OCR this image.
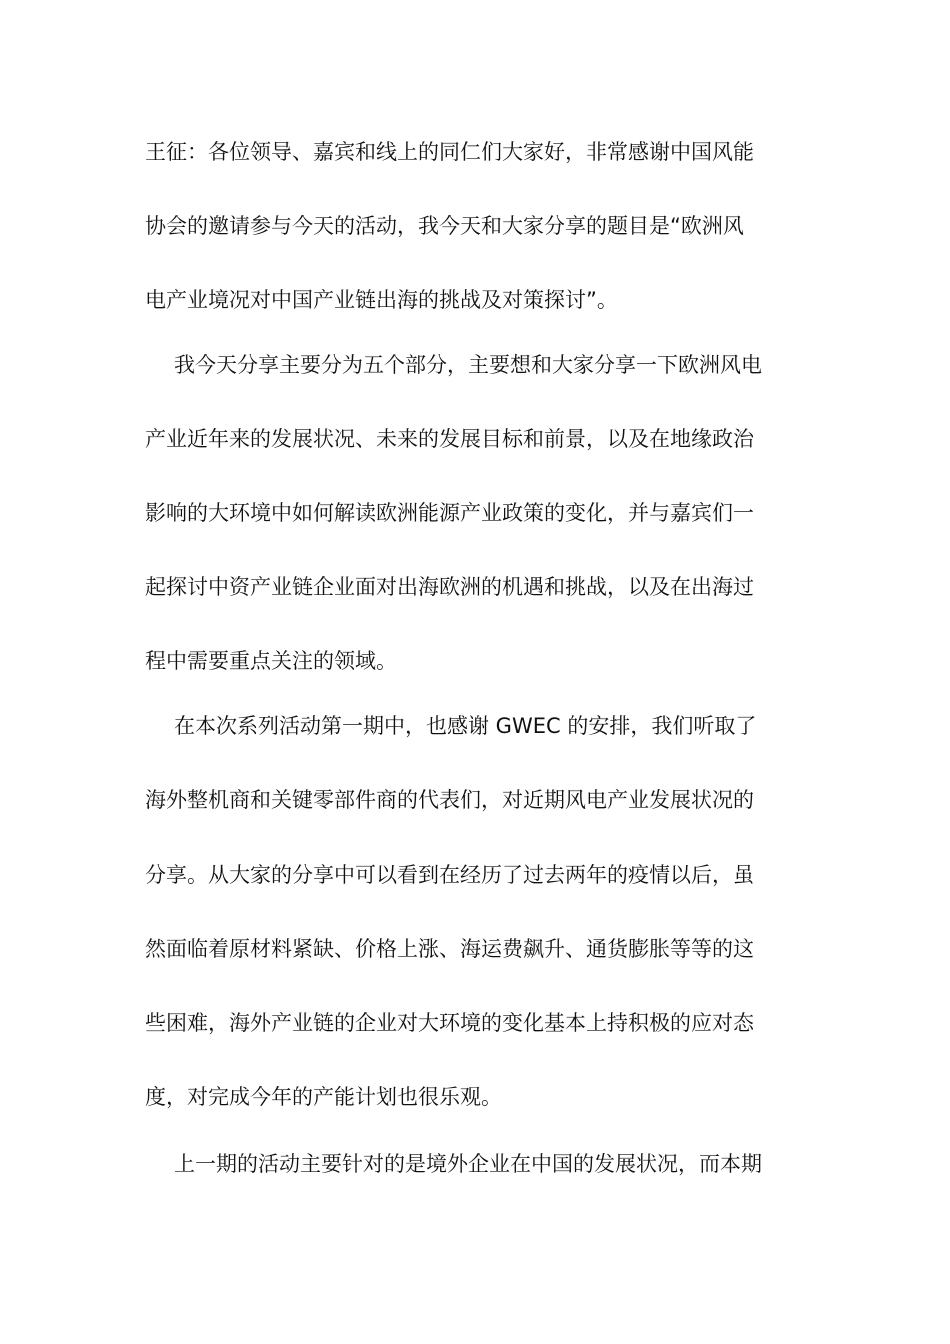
王征：各位领导、嘉宾和线上的同仁们大家好，非常感谢中国风能
协会的邀请参与今天的活动，我今天和大家分享的题目是“欧洲风
电产业境况对中国产业链出海的挑战及对策探讨”。
我今天分享主要分为五个部分，主要想和大家分享一下欧洲风电
产业近年来的发展状况、未来的发展目标和前景，以及在地缘政治
影响的大环境中如何解读欧洲能源产业政策的变化，并与嘉宾们一
起探讨中资产业链企业面对出海欧洲的机遇和挑战，以及在出海过
程中需要重点关注的领域。
在本次系列活动第一期中，也感谢 GWEC 的安排，我们听取了
海外整机商和关键零部件商的代表们，对近期风电产业发展状况的
分享。从大家的分享中可以看到在经历了过去两年的疫情以后，虽
然面临着原材料紧缺、价格上涨、海运费飙升、通货膨胀等等的这
些困难，海外产业链的企业对大环境的变化基本上持积极的应对态
度，对完成今年的产能计划也很乐观。
上一期的活动主要针对的是境外企业在中国的发展状况，而本期
